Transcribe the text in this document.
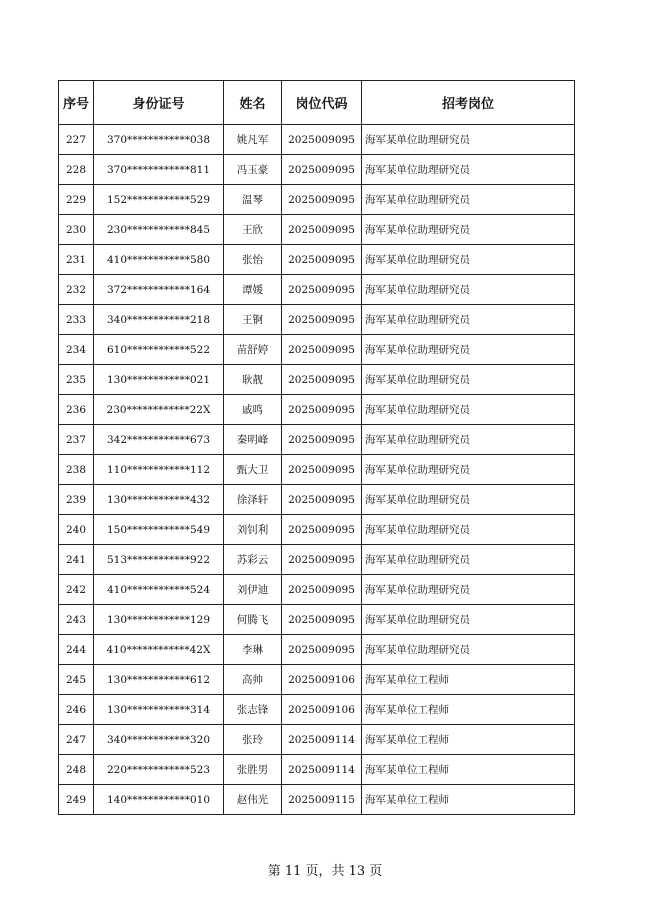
序号	身份证号	姓名	岗位代码	招考岗位
227	370************038	姚凡军	2025009095	海军某单位助理研究员
228	370************811	冯玉豪	2025009095	海军某单位助理研究员
229	152************529	温琴	2025009095	海军某单位助理研究员
230	230************845	王欣	2025009095	海军某单位助理研究员
231	410************580	张怡	2025009095	海军某单位助理研究员
232	372************164	谭媛	2025009095	海军某单位助理研究员
233	340************218	王锕	2025009095	海军某单位助理研究员
234	610************522	苗舒婷	2025009095	海军某单位助理研究员
235	130************021	耿靓	2025009095	海军某单位助理研究员
236	230************22X	戚鸣	2025009095	海军某单位助理研究员
237	342************673	秦明峰	2025009095	海军某单位助理研究员
238	110************112	甄大卫	2025009095	海军某单位助理研究员
239	130************432	徐泽轩	2025009095	海军某单位助理研究员
240	150************549	刘钊利	2025009095	海军某单位助理研究员
241	513************922	苏彩云	2025009095	海军某单位助理研究员
242	410************524	刘伊迪	2025009095	海军某单位助理研究员
243	130************129	何腾飞	2025009095	海军某单位助理研究员
244	410************42X	李琳	2025009095	海军某单位助理研究员
245	130************612	高帅	2025009106	海军某单位工程师
246	130************314	张志锋	2025009106	海军某单位工程师
247	340************320	张玲	2025009114	海军某单位工程师
248	220************523	张胜男	2025009114	海军某单位工程师
249	140************010	赵伟光	2025009115	海军某单位工程师
第 11 页，共 13 页
